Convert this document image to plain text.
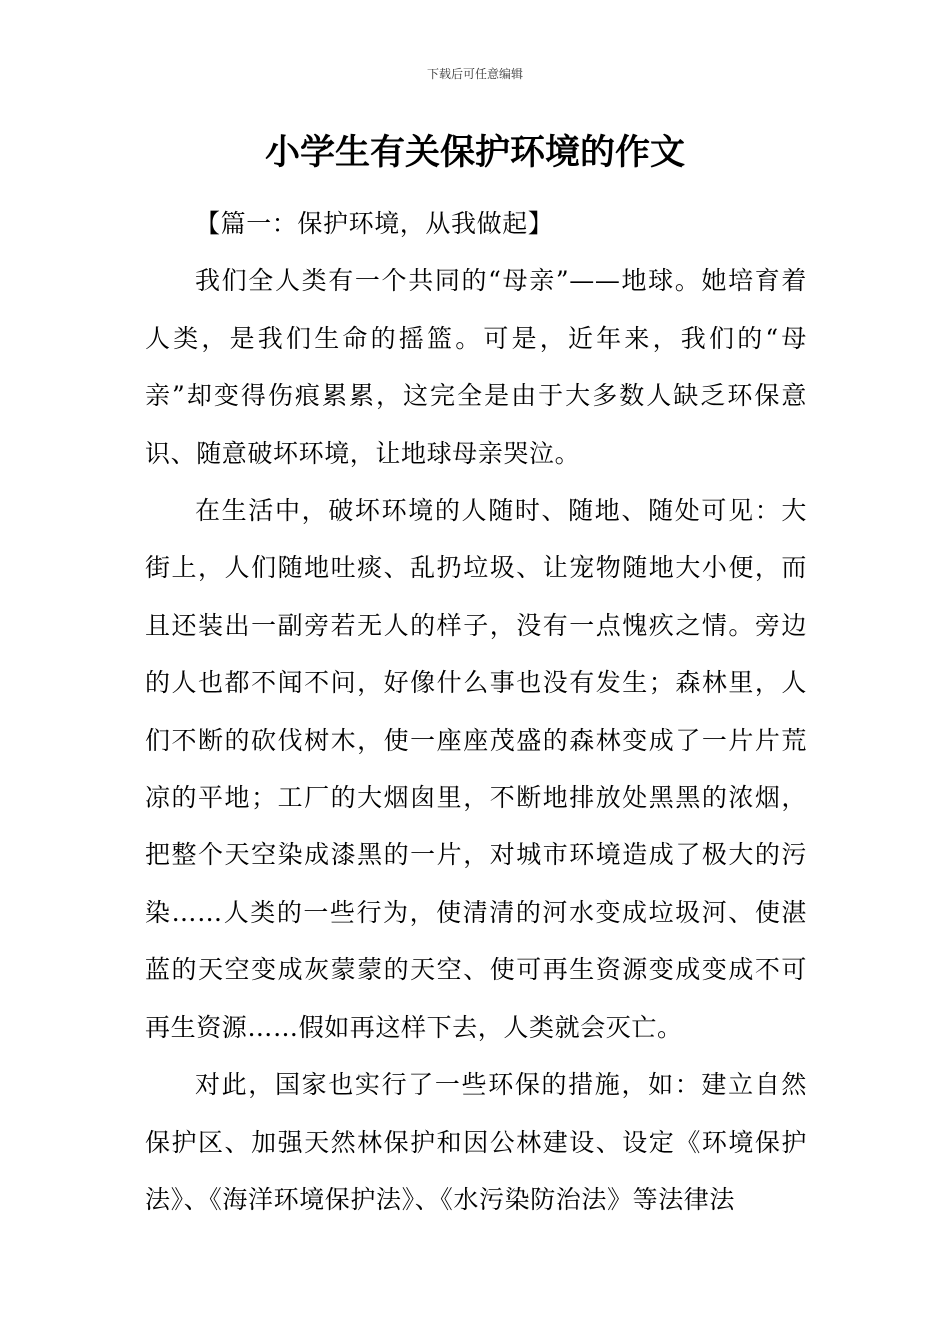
下载后可任意编辑
小学生有关保护环境的作文

【篇一：保护环境，从我做起】

我们全人类有一个共同的“母亲”——地球。她培育着人类，是我们生命的摇篮。可是，近年来，我们的“母亲”却变得伤痕累累，这完全是由于大多数人缺乏环保意识、随意破坏环境，让地球母亲哭泣。

在生活中，破坏环境的人随时、随地、随处可见：大街上，人们随地吐痰、乱扔垃圾、让宠物随地大小便，而且还装出一副旁若无人的样子，没有一点愧疚之情。旁边的人也都不闻不问，好像什么事也没有发生；森林里，人们不断的砍伐树木，使一座座茂盛的森林变成了一片片荒凉的平地；工厂的大烟囱里，不断地排放处黑黑的浓烟，把整个天空染成漆黑的一片，对城市环境造成了极大的污染……人类的一些行为，使清清的河水变成垃圾河、使湛蓝的天空变成灰蒙蒙的天空、使可再生资源变成变成不可再生资源……假如再这样下去，人类就会灭亡。

对此，国家也实行了一些环保的措施，如：建立自然保护区、加强天然林保护和因公林建设、设定《环境保护法》、《海洋环境保护法》、《水污染防治法》等法律法
